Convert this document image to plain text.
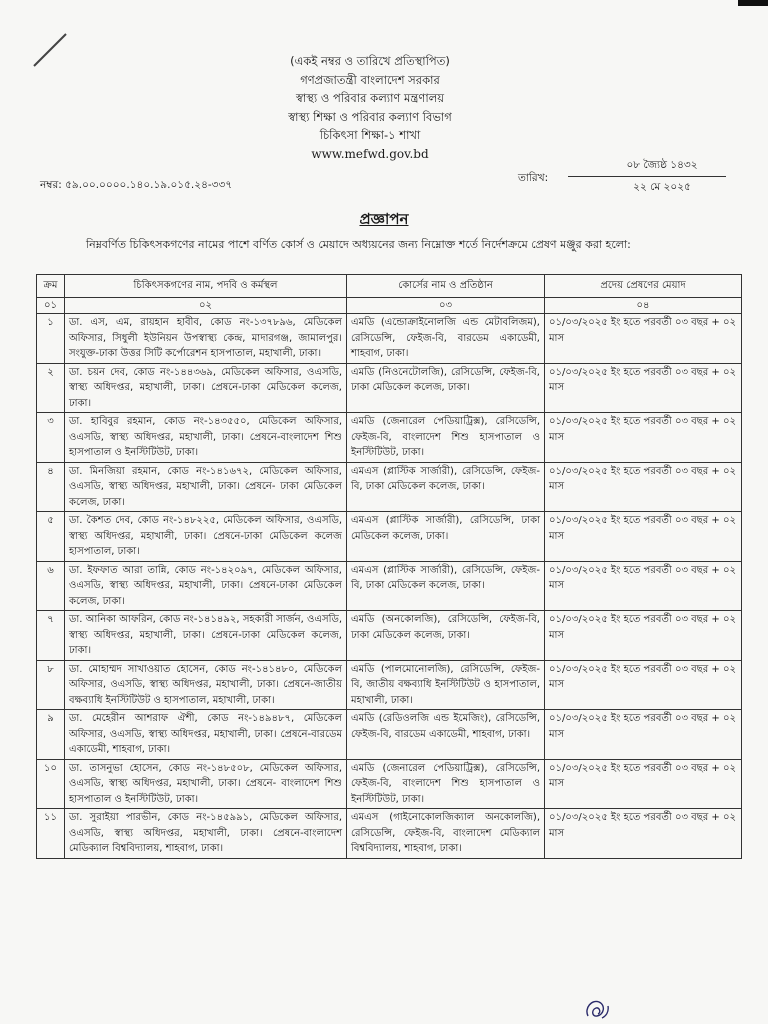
(একই নম্বর ও তারিখে প্রতিস্থাপিত)
গণপ্রজাতন্ত্রী বাংলাদেশ সরকার
স্বাস্থ্য ও পরিবার কল্যাণ মন্ত্রণালয়
স্বাস্থ্য শিক্ষা ও পরিবার কল্যাণ বিভাগ
চিকিৎসা শিক্ষা-১ শাখা
www.mefwd.gov.bd
নম্বর: ৫৯.০০.০০০০.১৪০.১৯.০১৫.২৪-৩৩৭
তারিখ:
০৮ জ্যৈষ্ঠ ১৪৩২
২২ মে ২০২৫
প্রজ্ঞাপন
নিম্নবর্ণিত চিকিৎসকগণের নামের পাশে বর্ণিত কোর্স ও মেয়াদে অধ্যয়নের জন্য নিম্নোক্ত শর্তে নির্দেশক্রমে প্রেষণ মঞ্জুর করা হলো:
ক্রম	চিকিৎসকগণের নাম, পদবি ও কর্মস্থল	কোর্সের নাম ও প্রতিষ্ঠান	প্রদেয় প্রেষণের মেয়াদ
০১	০২	০৩	০৪
১	ডা. এস, এম, রায়হান হাবীব, কোড নং-১৩৭৮৯৬, মেডিকেল অফিসার, সিধুলী ইউনিয়ন উপস্বাস্থ্য কেন্দ্র, মাদারগঞ্জ, জামালপুর। সংযুক্ত-ঢাকা উত্তর সিটি কর্পোরেশন হাসপাতাল, মহাখালী, ঢাকা।	এমডি (এন্ডোক্রাইনোলজি এন্ড মেটাবলিজম), রেসিডেন্সি, ফেইজ-বি, বারডেম একাডেমী, শাহবাগ, ঢাকা।	০১/০৩/২০২৫ ইং হতে পরবর্তী ০৩ বছর + ০২ মাস
২	ডা. চয়ন দেব, কোড নং-১৪৪৩৬৯, মেডিকেল অফিসার, ওএসডি, স্বাস্থ্য অধিদপ্তর, মহাখালী, ঢাকা। প্রেষনে-ঢাকা মেডিকেল কলেজ, ঢাকা।	এমডি (নিওনেটোলজি), রেসিডেন্সি, ফেইজ-বি, ঢাকা মেডিকেল কলেজ, ঢাকা।	০১/০৩/২০২৫ ইং হতে পরবর্তী ০৩ বছর + ০২ মাস
৩	ডা. হাবিবুর রহমান, কোড নং-১৪৩৫৫০, মেডিকেল অফিসার, ওএসডি, স্বাস্থ্য অধিদপ্তর, মহাখালী, ঢাকা। প্রেষনে-বাংলাদেশ শিশু হাসপাতাল ও ইনস্টিটিউট, ঢাকা।	এমডি (জেনারেল পেডিয়াট্রিক্স), রেসিডেন্সি, ফেইজ-বি, বাংলাদেশ শিশু হাসপাতাল ও ইনস্টিটিউট, ঢাকা।	০১/০৩/২০২৫ ইং হতে পরবর্তী ০৩ বছর + ০২ মাস
৪	ডা. মিনজিয়া রহমান, কোড নং-১৪১৬৭২, মেডিকেল অফিসার, ওএসডি, স্বাস্থ্য অধিদপ্তর, মহাখালী, ঢাকা। প্রেষনে- ঢাকা মেডিকেল কলেজ, ঢাকা।	এমএস (প্লাস্টিক সার্জারী), রেসিডেন্সি, ফেইজ-বি, ঢাকা মেডিকেল কলেজ, ঢাকা।	০১/০৩/২০২৫ ইং হতে পরবর্তী ০৩ বছর + ০২ মাস
৫	ডা. কৈশত দেব, কোড নং-১৪৮২২৫, মেডিকেল অফিসার, ওএসডি, স্বাস্থ্য অধিদপ্তর, মহাখালী, ঢাকা। প্রেষনে-ঢাকা মেডিকেল কলেজ হাসপাতাল, ঢাকা।	এমএস (প্লাস্টিক সার্জারী), রেসিডেন্সি, ঢাকা মেডিকেল কলেজ, ঢাকা।	০১/০৩/২০২৫ ইং হতে পরবর্তী ০৩ বছর + ০২ মাস
৬	ডা. ইফফাত আরা তান্নি, কোড নং-১৪২০৯৭, মেডিকেল অফিসার, ওএসডি, স্বাস্থ্য অধিদপ্তর, মহাখালী, ঢাকা। প্রেষনে-ঢাকা মেডিকেল কলেজ, ঢাকা।	এমএস (প্লাস্টিক সার্জারী), রেসিডেন্সি, ফেইজ-বি, ঢাকা মেডিকেল কলেজ, ঢাকা।	০১/০৩/২০২৫ ইং হতে পরবর্তী ০৩ বছর + ০২ মাস
৭	ডা. আনিকা আফরিন, কোড নং-১৪১৪৯২, সহকারী সার্জন, ওএসডি, স্বাস্থ্য অধিদপ্তর, মহাখালী, ঢাকা। প্রেষনে-ঢাকা মেডিকেল কলেজ, ঢাকা।	এমডি (অনকোলজি), রেসিডেন্সি, ফেইজ-বি, ঢাকা মেডিকেল কলেজ, ঢাকা।	০১/০৩/২০২৫ ইং হতে পরবর্তী ০৩ বছর + ০২ মাস
৮	ডা. মোহাম্মদ সাখাওয়াত হোসেন, কোড নং-১৪১৪৮০, মেডিকেল অফিসার, ওএসডি, স্বাস্থ্য অধিদপ্তর, মহাখালী, ঢাকা। প্রেষনে-জাতীয় বক্ষব্যাধি ইনস্টিটিউট ও হাসপাতাল, মহাখালী, ঢাকা।	এমডি (পালমোনোলজি), রেসিডেন্সি, ফেইজ-বি, জাতীয় বক্ষব্যাধি ইনস্টিটিউট ও হাসপাতাল, মহাখালী, ঢাকা।	০১/০৩/২০২৫ ইং হতে পরবর্তী ০৩ বছর + ০২ মাস
৯	ডা. মেহেরীন আশরাফ ঐশী, কোড নং-১৪৯৪৮৭, মেডিকেল অফিসার, ওএসডি, স্বাস্থ্য অধিদপ্তর, মহাখালী, ঢাকা। প্রেষনে-বারডেম একাডেমী, শাহবাগ, ঢাকা।	এমডি (রেডিওলজি এন্ড ইমেজিং), রেসিডেন্সি, ফেইজ-বি, বারডেম একাডেমী, শাহবাগ, ঢাকা।	০১/০৩/২০২৫ ইং হতে পরবর্তী ০৩ বছর + ০২ মাস
১০	ডা. তাসনুভা হোসেন, কোড নং-১৪৮৫০৮, মেডিকেল অফিসার, ওএসডি, স্বাস্থ্য অধিদপ্তর, মহাখালী, ঢাকা। প্রেষনে- বাংলাদেশ শিশু হাসপাতাল ও ইনস্টিটিউট, ঢাকা।	এমডি (জেনারেল পেডিয়াট্রিক্স), রেসিডেন্সি, ফেইজ-বি, বাংলাদেশ শিশু হাসপাতাল ও ইনস্টিটিউট, ঢাকা।	০১/০৩/২০২৫ ইং হতে পরবর্তী ০৩ বছর + ০২ মাস
১১	ডা. সুরাইয়া পারভীন, কোড নং-১৪৫৯৯১, মেডিকেল অফিসার, ওএসডি, স্বাস্থ্য অধিদপ্তর, মহাখালী, ঢাকা। প্রেষনে-বাংলাদেশ মেডিক্যাল বিশ্ববিদ্যালয়, শাহবাগ, ঢাকা।	এমএস (গাইনোকোলজিক্যাল অনকোলজি), রেসিডেন্সি, ফেইজ-বি, বাংলাদেশ মেডিক্যাল বিশ্ববিদ্যালয়, শাহবাগ, ঢাকা।	০১/০৩/২০২৫ ইং হতে পরবর্তী ০৩ বছর + ০২ মাস
